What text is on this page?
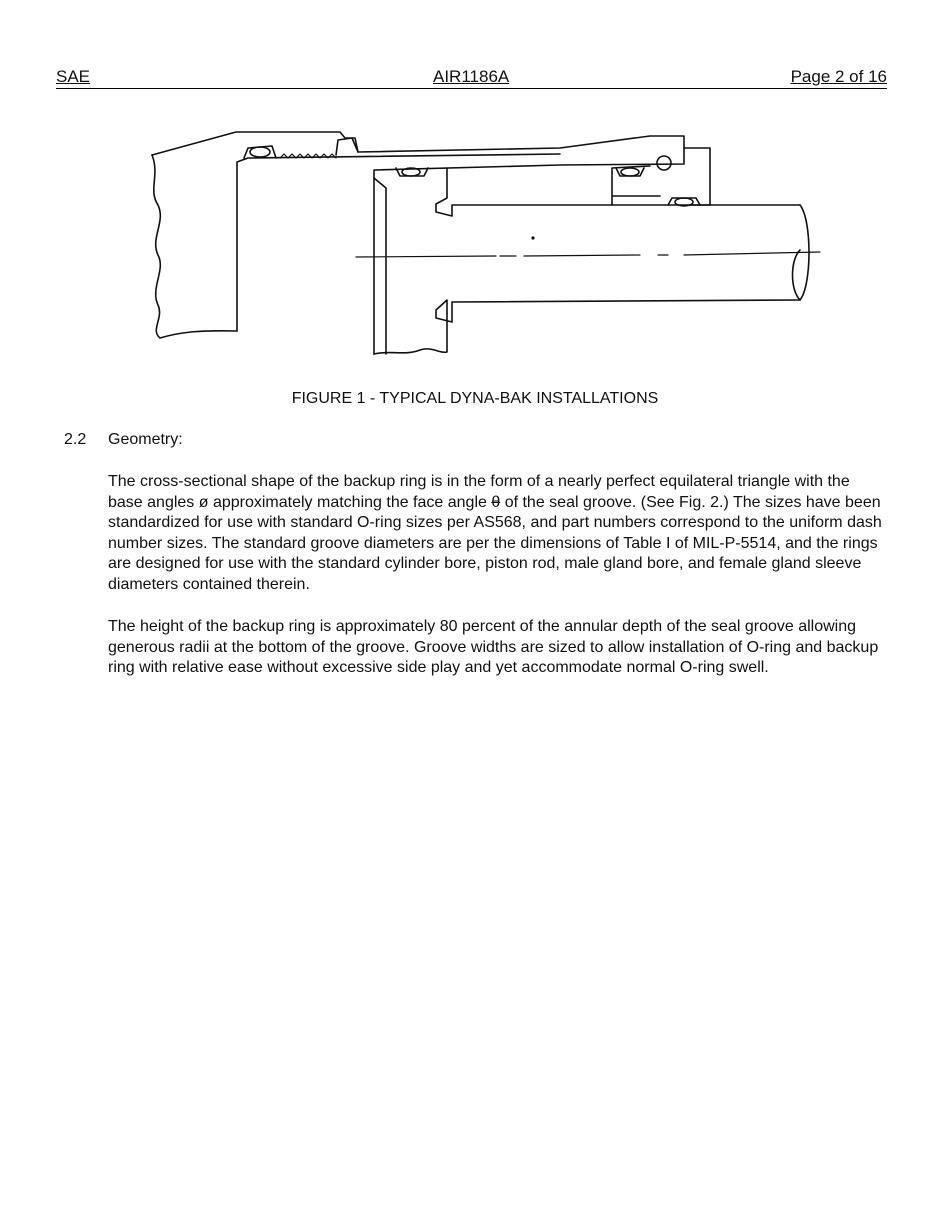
SAE	AIR1186A	Page 2 of 16
FIGURE 1 - TYPICAL DYNA-BAK INSTALLATIONS
2.2 Geometry:

The cross-sectional shape of the backup ring is in the form of a nearly perfect equilateral triangle with the base angles ø approximately matching the face angle θ of the seal groove. (See Fig. 2.) The sizes have been standardized for use with standard O-ring sizes per AS568, and part numbers correspond to the uniform dash number sizes. The standard groove diameters are per the dimensions of Table I of MIL-P-5514, and the rings are designed for use with the standard cylinder bore, piston rod, male gland bore, and female gland sleeve diameters contained therein.

The height of the backup ring is approximately 80 percent of the annular depth of the seal groove allowing generous radii at the bottom of the groove. Groove widths are sized to allow installation of O-ring and backup ring with relative ease without excessive side play and yet accommodate normal O-ring swell.
